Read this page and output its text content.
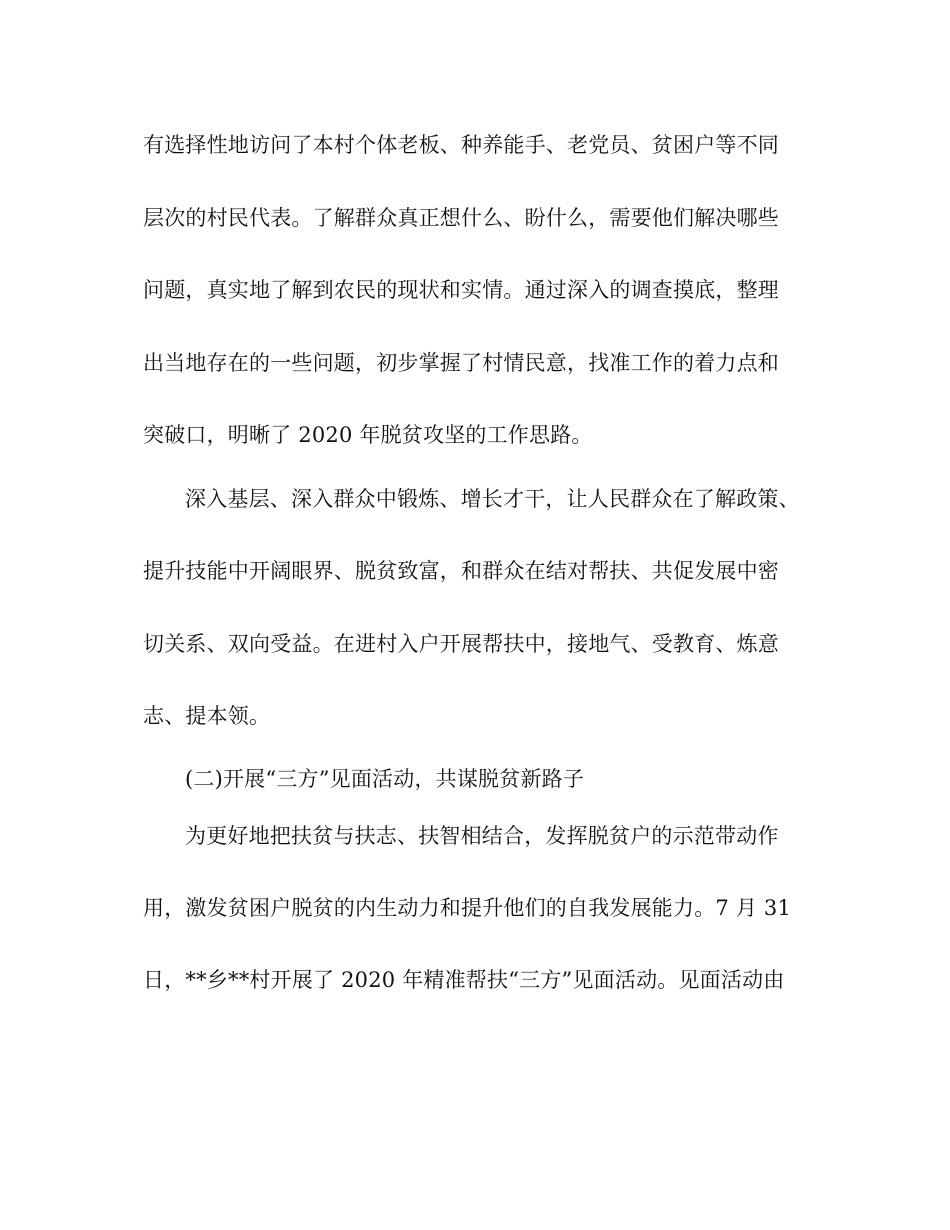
有选择性地访问了本村个体老板、种养能手、老党员、贫困户等不同
层次的村民代表。了解群众真正想什么、盼什么，需要他们解决哪些
问题，真实地了解到农民的现状和实情。通过深入的调查摸底，整理
出当地存在的一些问题，初步掌握了村情民意，找准工作的着力点和
突破口，明晰了 2020 年脱贫攻坚的工作思路。
深入基层、深入群众中锻炼、增长才干，让人民群众在了解政策、
提升技能中开阔眼界、脱贫致富，和群众在结对帮扶、共促发展中密
切关系、双向受益。在进村入户开展帮扶中，接地气、受教育、炼意
志、提本领。
(二)开展“三方”见面活动，共谋脱贫新路子
为更好地把扶贫与扶志、扶智相结合，发挥脱贫户的示范带动作
用，激发贫困户脱贫的内生动力和提升他们的自我发展能力。7 月 31
日，**乡**村开展了 2020 年精准帮扶“三方”见面活动。见面活动由
